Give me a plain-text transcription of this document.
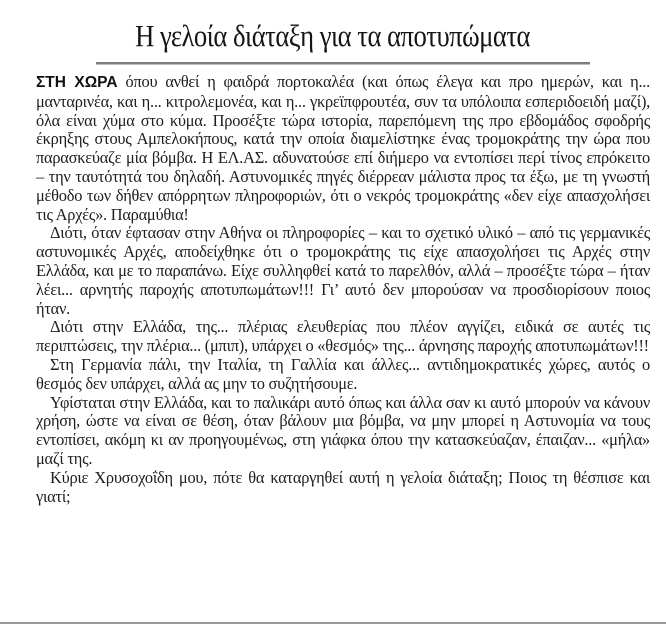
Η γελοία διάταξη για τα αποτυπώματα

ΣΤΗ ΧΩΡΑ όπου ανθεί η φαιδρά πορτοκαλέα (και όπως έλεγα και προ ημερών, και η... μανταρινέα, και η... κιτρολεμονέα, και η... γκρεϊπφρουτέα, συν τα υπόλοιπα εσπεριδοειδή μαζί), όλα είναι χύμα στο κύμα. Προσέξτε τώρα ιστορία, παρεπόμενη της προ εβδομάδος σφοδρής έκρηξης στους Αμπελοκήπους, κατά την οποία διαμελίστηκε ένας τρομοκράτης την ώρα που παρασκεύαζε μία βόμβα. Η ΕΛ.ΑΣ. αδυνατούσε επί διήμερο να εντοπίσει περί τίνος επρόκειτο – την ταυτότητά του δηλαδή. Αστυνομικές πηγές διέρρεαν μάλιστα προς τα έξω, με τη γνωστή μέθοδο των δήθεν απόρρητων πληροφοριών, ότι ο νεκρός τρομοκράτης «δεν είχε απασχολήσει τις Αρχές». Παραμύθια!

Διότι, όταν έφτασαν στην Αθήνα οι πληροφορίες – και το σχετικό υλικό – από τις γερμανικές αστυνομικές Αρχές, αποδείχθηκε ότι ο τρομοκράτης τις είχε απασχολήσει τις Αρχές στην Ελλάδα, και με το παραπάνω. Είχε συλληφθεί κατά το παρελθόν, αλλά – προσέξτε τώρα – ήταν λέει... αρνητής παροχής αποτυπωμάτων!!! Γι’ αυτό δεν μπορούσαν να προσδιορίσουν ποιος ήταν.

Διότι στην Ελλάδα, της... πλέριας ελευθερίας που πλέον αγγίζει, ειδικά σε αυτές τις περιπτώσεις, την πλέρια... (μπιπ), υπάρχει ο «θεσμός» της... άρνησης παροχής αποτυπωμάτων!!!

Στη Γερμανία πάλι, την Ιταλία, τη Γαλλία και άλλες... αντιδημοκρατικές χώρες, αυτός ο θεσμός δεν υπάρχει, αλλά ας μην το συζητήσουμε.

Υφίσταται στην Ελλάδα, και το παλικάρι αυτό όπως και άλλα σαν κι αυτό μπορούν να κάνουν χρήση, ώστε να είναι σε θέση, όταν βάλουν μια βόμβα, να μην μπορεί η Αστυνομία να τους εντοπίσει, ακόμη κι αν προηγουμένως, στη γιάφκα όπου την κατασκεύαζαν, έπαιζαν... «μήλα» μαζί της.

Κύριε Χρυσοχοΐδη μου, πότε θα καταργηθεί αυτή η γελοία διάταξη; Ποιος τη θέσπισε και γιατί;
